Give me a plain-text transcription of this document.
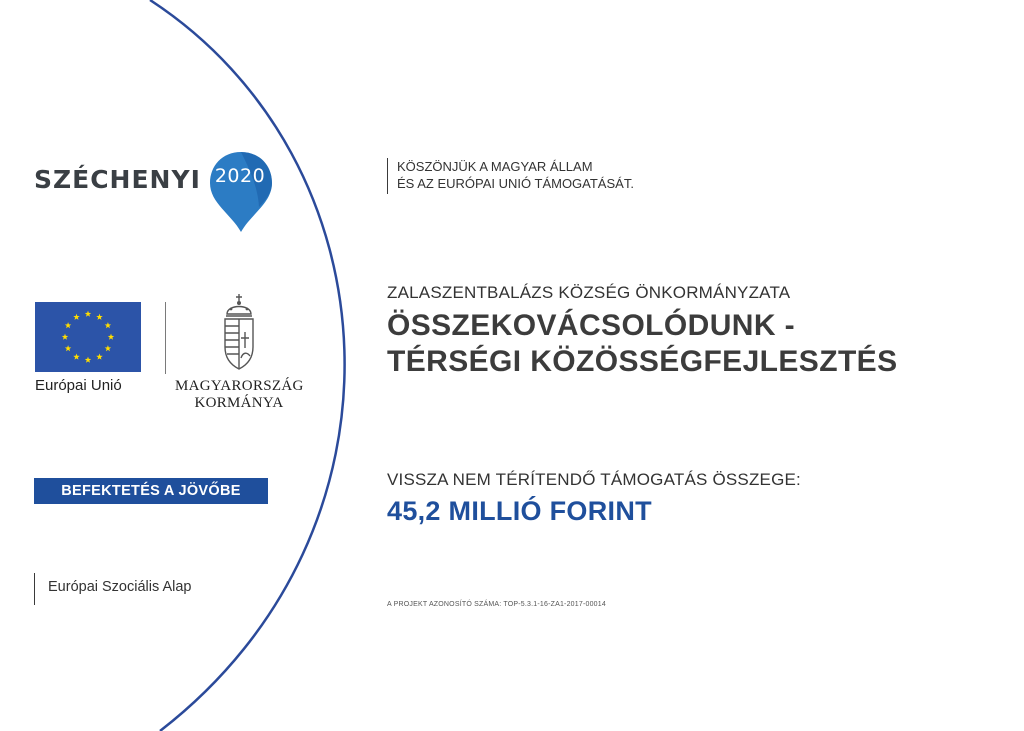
SZÉCHENYI 2020
Európai Unió	MAGYARORSZÁG
KORMÁNYA
BEFEKTETÉS A JÖVŐBE
Európai Szociális Alap
KÖSZÖNJÜK A MAGYAR ÁLLAM
ÉS AZ EURÓPAI UNIÓ TÁMOGATÁSÁT.
ZALASZENTBALÁZS KÖZSÉG ÖNKORMÁNYZATA
ÖSSZEKOVÁCSOLÓDUNK -
TÉRSÉGI KÖZÖSSÉGFEJLESZTÉS
VISSZA NEM TÉRÍTENDŐ TÁMOGATÁS ÖSSZEGE:
45,2 MILLIÓ FORINT
A PROJEKT AZONOSÍTÓ SZÁMA: TOP-5.3.1-16-ZA1-2017-00014
